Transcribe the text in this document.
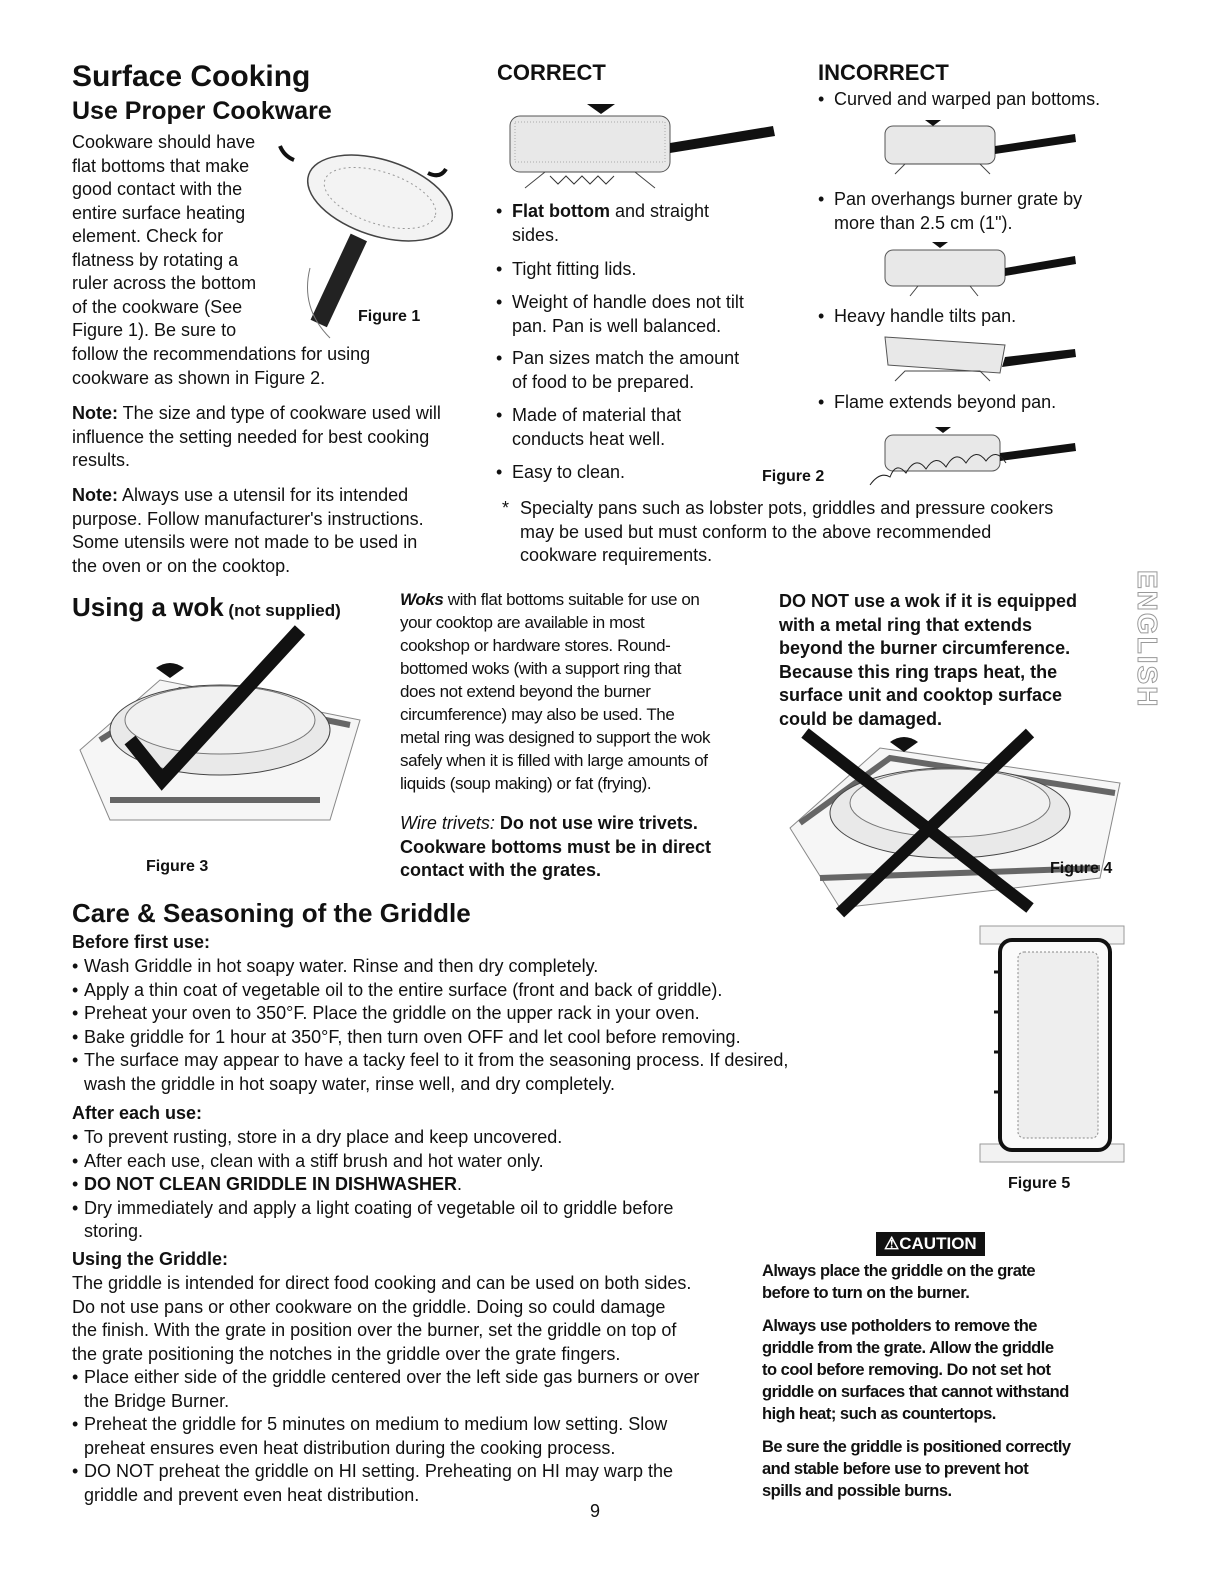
Surface Cooking
Use Proper Cookware
Cookware should have
flat bottoms that make
good contact with the
entire surface heating
element. Check for
flatness by rotating a
ruler across the bottom
of the cookware (See
Figure 1). Be sure to
follow the recommendations for using
cookware as shown in Figure 2.
Note: The size and type of cookware used will
influence the setting needed for best cooking
results.
Note: Always use a utensil for its intended
purpose. Follow manufacturer's instructions.
Some utensils were not made to be used in
the oven or on the cooktop.
Figure 1
CORRECT
• Flat bottom and straight
sides.
• Tight fitting lids.
• Weight of handle does not tilt
pan. Pan is well balanced.
• Pan sizes match the amount
of food to be prepared.
• Made of material that
conducts heat well.
• Easy to clean.	Figure 2
* Specialty pans such as lobster pots, griddles and pressure cookers
may be used but must conform to the above recommended
cookware requirements.
INCORRECT
• Curved and warped pan bottoms.
• Pan overhangs burner grate by
more than 2.5 cm (1").
• Heavy handle tilts pan.
• Flame extends beyond pan.
Using a wok (not supplied)
Figure 3
Woks with flat bottoms suitable for use on
your cooktop are available in most
cookshop or hardware stores. Round-
bottomed woks (with a support ring that
does not extend beyond the burner
circumference) may also be used. The
metal ring was designed to support the wok
safely when it is filled with large amounts of
liquids (soup making) or fat (frying).
Wire trivets: Do not use wire trivets.
Cookware bottoms must be in direct
contact with the grates.
DO NOT use a wok if it is equipped
with a metal ring that extends
beyond the burner circumference.
Because this ring traps heat, the
surface unit and cooktop surface
could be damaged.
Figure 4
ENGLISH
Care & Seasoning of the Griddle
Before first use:
• Wash Griddle in hot soapy water. Rinse and then dry completely.
• Apply a thin coat of vegetable oil to the entire surface (front and back of griddle).
• Preheat your oven to 350°F. Place the griddle on the upper rack in your oven.
• Bake griddle for 1 hour at 350°F, then turn oven OFF and let cool before removing.
• The surface may appear to have a tacky feel to it from the seasoning process. If desired,
wash the griddle in hot soapy water, rinse well, and dry completely.
After each use:
• To prevent rusting, store in a dry place and keep uncovered.
• After each use, clean with a stiff brush and hot water only.
• DO NOT CLEAN GRIDDLE IN DISHWASHER.
• Dry immediately and apply a light coating of vegetable oil to griddle before
storing.
Using the Griddle:
The griddle is intended for direct food cooking and can be used on both sides.
Do not use pans or other cookware on the griddle. Doing so could damage
the finish. With the grate in position over the burner, set the griddle on top of
the grate positioning the notches in the griddle over the grate fingers.
• Place either side of the griddle centered over the left side gas burners or over
the Bridge Burner.
• Preheat the griddle for 5 minutes on medium to medium low setting. Slow
preheat ensures even heat distribution during the cooking process.
• DO NOT preheat the griddle on HI setting. Preheating on HI may warp the
griddle and prevent even heat distribution.
Figure 5
⚠CAUTION
Always place the griddle on the grate
before to turn on the burner.
Always use potholders to remove the
griddle from the grate. Allow the griddle
to cool before removing. Do not set hot
griddle on surfaces that cannot withstand
high heat; such as countertops.
Be sure the griddle is positioned correctly
and stable before use to prevent hot
spills and possible burns.
9
